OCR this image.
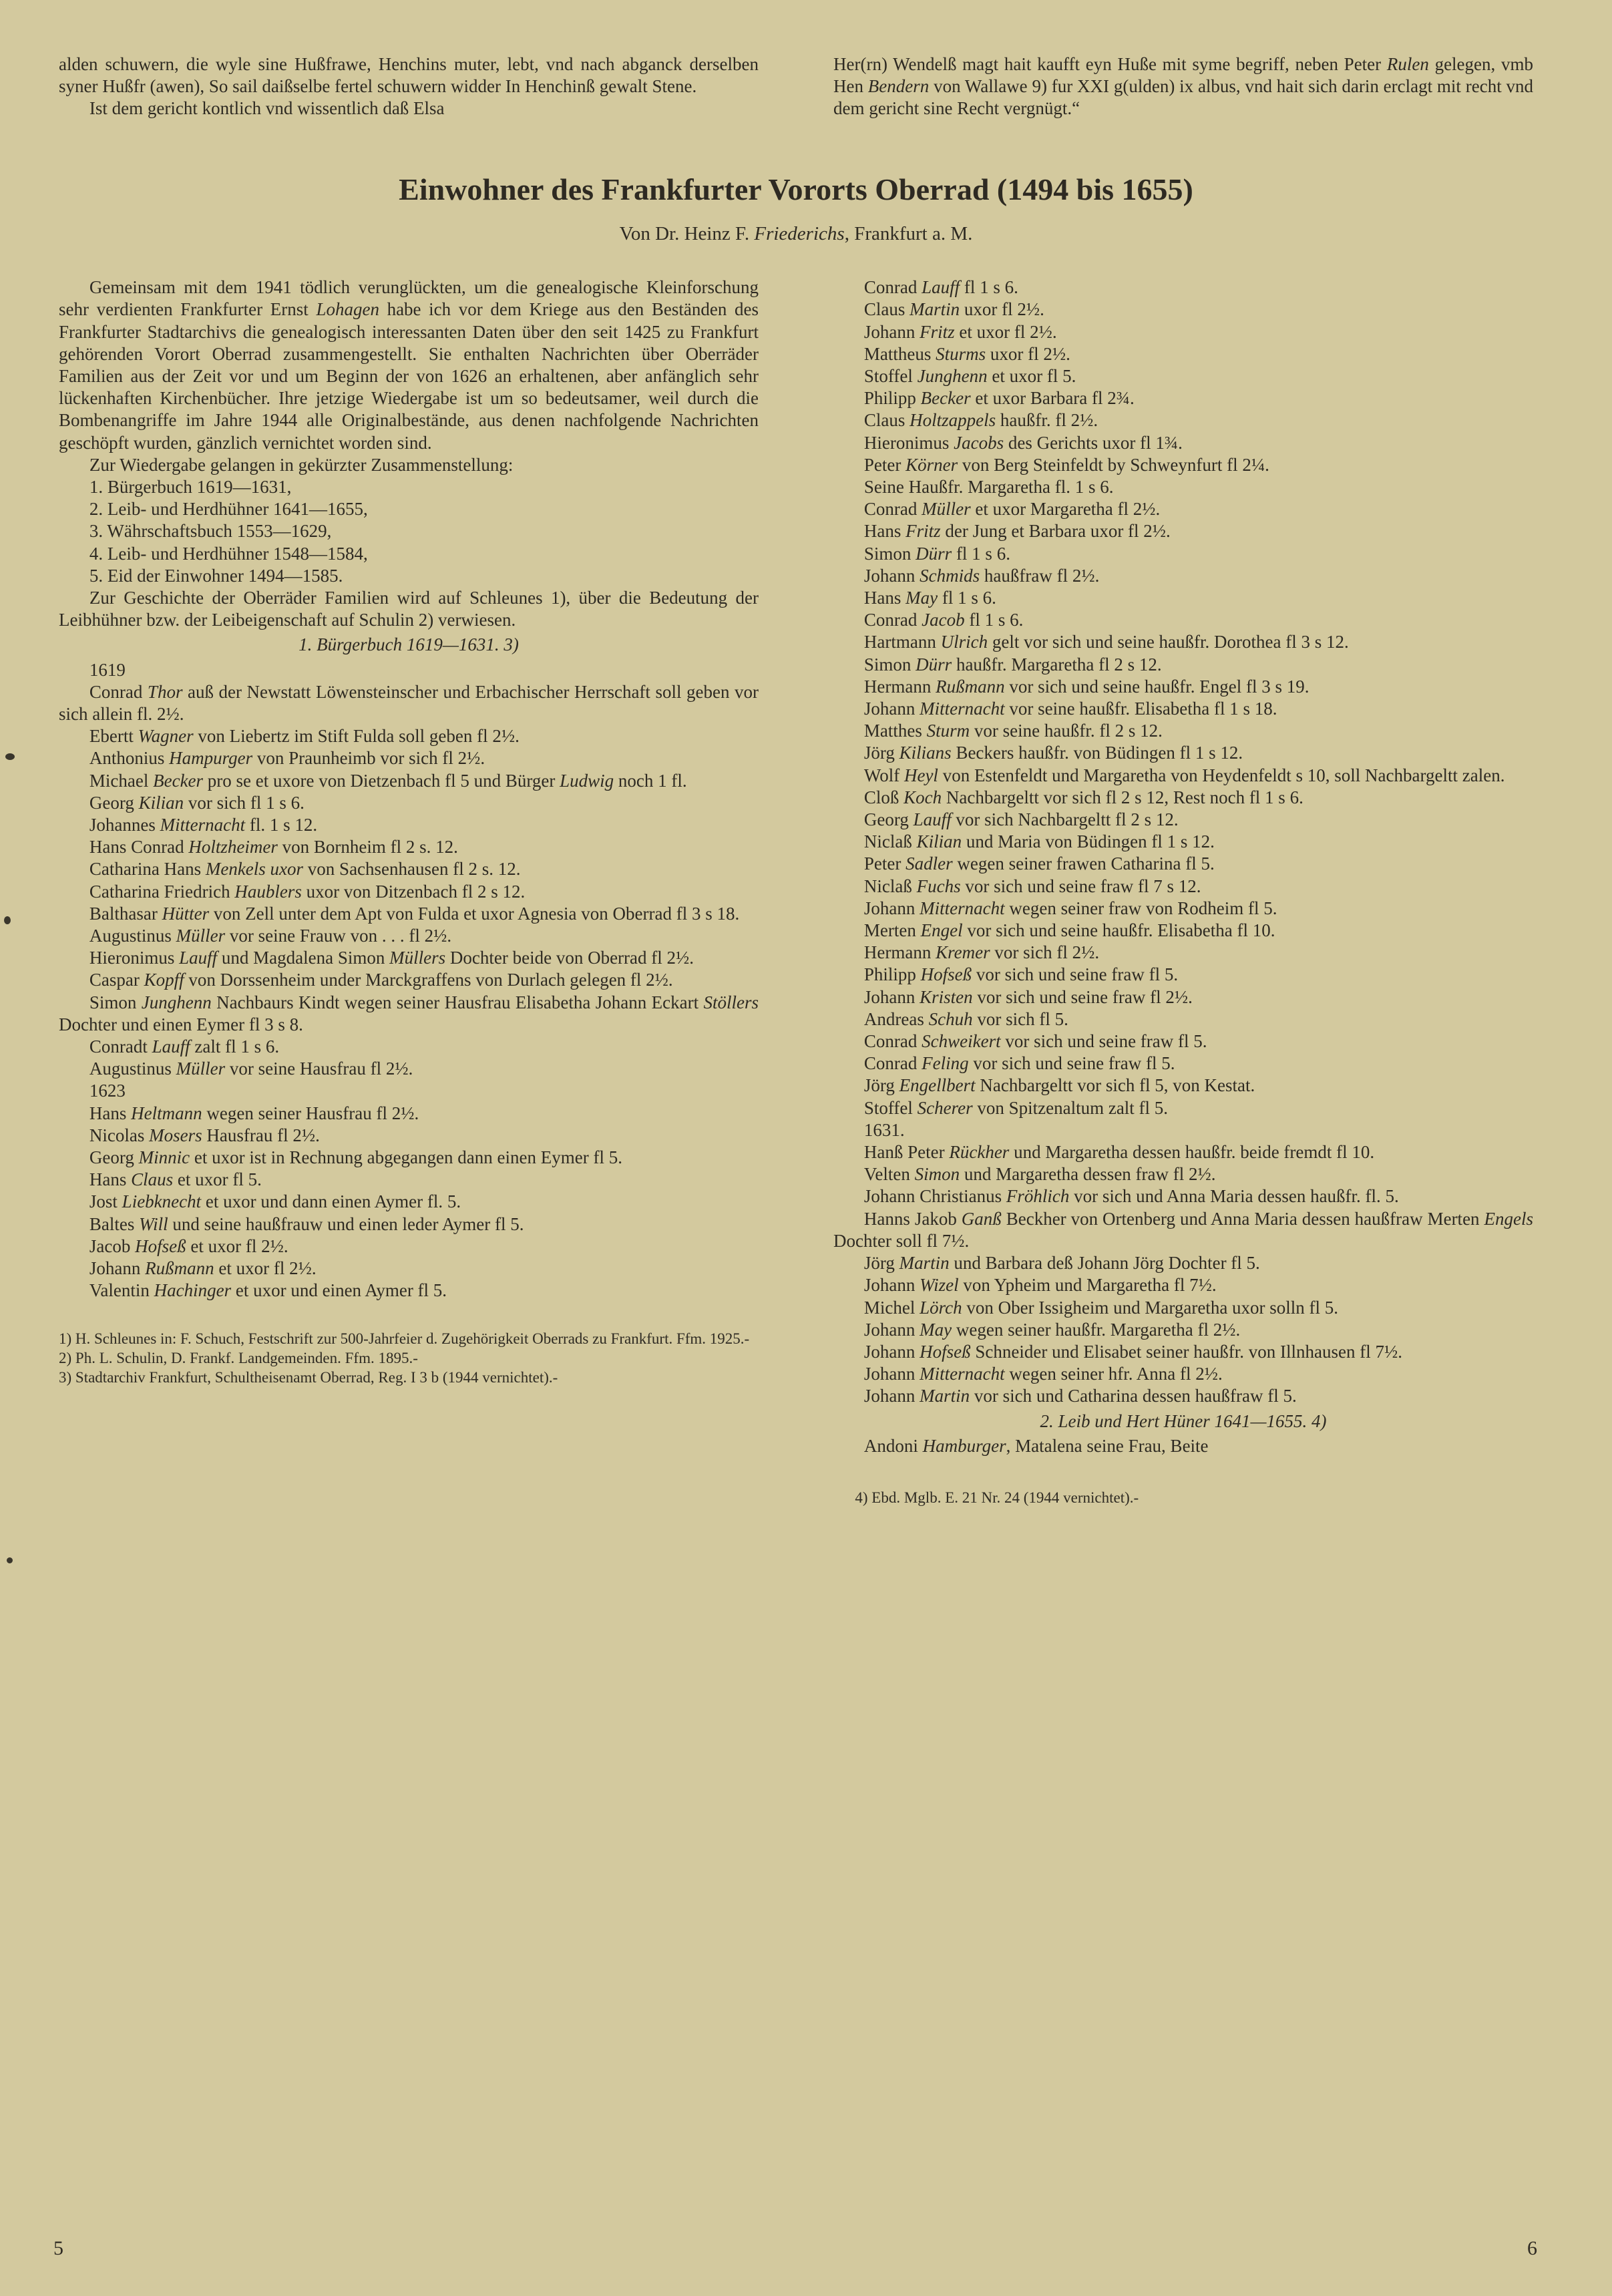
alden schuwern, die wyle sine Hußfrawe, Henchins muter, lebt, vnd nach abganck derselben syner Hußfr (awen), So sail daißselbe fertel schuwern widder In Henchinß gewalt Stene.

Ist dem gericht kontlich vnd wissentlich daß Elsa

Her(rn) Wendelß magt hait kaufft eyn Huße mit syme begriff, neben Peter Rulen gelegen, vmb Hen Bendern von Wallawe 9) fur XXI g(ulden) ix albus, vnd hait sich darin erclagt mit recht vnd dem gericht sine Recht vergnügt.“

Einwohner des Frankfurter Vororts Oberrad (1494 bis 1655)
Von Dr. Heinz F. Friederichs, Frankfurt a. M.

Gemeinsam mit dem 1941 tödlich verunglückten, um die genealogische Kleinforschung sehr verdienten Frankfurter Ernst Lohagen habe ich vor dem Kriege aus den Beständen des Frankfurter Stadtarchivs die genealogisch interessanten Daten über den seit 1425 zu Frankfurt gehörenden Vorort Oberrad zusammengestellt. Sie enthalten Nachrichten über Oberräder Familien aus der Zeit vor und um Beginn der von 1626 an erhaltenen, aber anfänglich sehr lückenhaften Kirchenbücher. Ihre jetzige Wiedergabe ist um so bedeutsamer, weil durch die Bombenangriffe im Jahre 1944 alle Originalbestände, aus denen nachfolgende Nachrichten geschöpft wurden, gänzlich vernichtet worden sind.

Zur Wiedergabe gelangen in gekürzter Zusammenstellung:

1. Bürgerbuch 1619—1631,

2. Leib- und Herdhühner 1641—1655,

3. Währschaftsbuch 1553—1629,

4. Leib- und Herdhühner 1548—1584,

5. Eid der Einwohner 1494—1585.

Zur Geschichte der Oberräder Familien wird auf Schleunes 1), über die Bedeutung der Leibhühner bzw. der Leibeigenschaft auf Schulin 2) verwiesen.

1. Bürgerbuch 1619—1631. 3)

1619

Conrad Thor auß der Newstatt Löwensteinscher und Erbachischer Herrschaft soll geben vor sich allein fl. 2½.

Ebertt Wagner von Liebertz im Stift Fulda soll geben fl 2½.

Anthonius Hampurger von Praunheimb vor sich fl 2½.

Michael Becker pro se et uxore von Dietzenbach fl 5 und Bürger Ludwig noch 1 fl.

Georg Kilian vor sich fl 1 s 6.

Johannes Mitternacht fl. 1 s 12.

Hans Conrad Holtzheimer von Bornheim fl 2 s. 12.

Catharina Hans Menkels uxor von Sachsenhausen fl 2 s. 12.

Catharina Friedrich Haublers uxor von Ditzenbach fl 2 s 12.

Balthasar Hütter von Zell unter dem Apt von Fulda et uxor Agnesia von Oberrad fl 3 s 18.

Augustinus Müller vor seine Frauw von . . . fl 2½.

Hieronimus Lauff und Magdalena Simon Müllers Dochter beide von Oberrad fl 2½.

Caspar Kopff von Dorssenheim under Marckgraffens von Durlach gelegen fl 2½.

Simon Junghenn Nachbaurs Kindt wegen seiner Hausfrau Elisabetha Johann Eckart Stöllers Dochter und einen Eymer fl 3 s 8.

Conradt Lauff zalt fl 1 s 6.

Augustinus Müller vor seine Hausfrau fl 2½.

1623

Hans Heltmann wegen seiner Hausfrau fl 2½.

Nicolas Mosers Hausfrau fl 2½.

Georg Minnic et uxor ist in Rechnung abgegangen dann einen Eymer fl 5.

Hans Claus et uxor fl 5.

Jost Liebknecht et uxor und dann einen Aymer fl. 5.

Baltes Will und seine haußfrauw und einen leder Aymer fl 5.

Jacob Hofseß et uxor fl 2½.

Johann Rußmann et uxor fl 2½.

Valentin Hachinger et uxor und einen Aymer fl 5.

1) H. Schleunes in: F. Schuch, Festschrift zur 500-Jahrfeier d. Zugehörigkeit Oberrads zu Frankfurt. Ffm. 1925.-

2) Ph. L. Schulin, D. Frankf. Landgemeinden. Ffm. 1895.-

3) Stadtarchiv Frankfurt, Schultheisenamt Oberrad, Reg. I 3 b (1944 vernichtet).-

Conrad Lauff fl 1 s 6.

Claus Martin uxor fl 2½.

Johann Fritz et uxor fl 2½.

Mattheus Sturms uxor fl 2½.

Stoffel Junghenn et uxor fl 5.

Philipp Becker et uxor Barbara fl 2¾.

Claus Holtzappels haußfr. fl 2½.

Hieronimus Jacobs des Gerichts uxor fl 1¾.

Peter Körner von Berg Steinfeldt by Schweynfurt fl 2¼.

Seine Haußfr. Margaretha fl. 1 s 6.

Conrad Müller et uxor Margaretha fl 2½.

Hans Fritz der Jung et Barbara uxor fl 2½.

Simon Dürr fl 1 s 6.

Johann Schmids haußfraw fl 2½.

Hans May fl 1 s 6.

Conrad Jacob fl 1 s 6.

Hartmann Ulrich gelt vor sich und seine haußfr. Dorothea fl 3 s 12.

Simon Dürr haußfr. Margaretha fl 2 s 12.

Hermann Rußmann vor sich und seine haußfr. Engel fl 3 s 19.

Johann Mitternacht vor seine haußfr. Elisabetha fl 1 s 18.

Matthes Sturm vor seine haußfr. fl 2 s 12.

Jörg Kilians Beckers haußfr. von Büdingen fl 1 s 12.

Wolf Heyl von Estenfeldt und Margaretha von Heydenfeldt s 10, soll Nachbargeltt zalen.

Cloß Koch Nachbargeltt vor sich fl 2 s 12, Rest noch fl 1 s 6.

Georg Lauff vor sich Nachbargeltt fl 2 s 12.

Niclaß Kilian und Maria von Büdingen fl 1 s 12.

Peter Sadler wegen seiner frawen Catharina fl 5.

Niclaß Fuchs vor sich und seine fraw fl 7 s 12.

Johann Mitternacht wegen seiner fraw von Rodheim fl 5.

Merten Engel vor sich und seine haußfr. Elisabetha fl 10.

Hermann Kremer vor sich fl 2½.

Philipp Hofseß vor sich und seine fraw fl 5.

Johann Kristen vor sich und seine fraw fl 2½.

Andreas Schuh vor sich fl 5.

Conrad Schweikert vor sich und seine fraw fl 5.

Conrad Feling vor sich und seine fraw fl 5.

Jörg Engellbert Nachbargeltt vor sich fl 5, von Kestat.

Stoffel Scherer von Spitzenaltum zalt fl 5.

1631.

Hanß Peter Rückher und Margaretha dessen haußfr. beide fremdt fl 10.

Velten Simon und Margaretha dessen fraw fl 2½.

Johann Christianus Fröhlich vor sich und Anna Maria dessen haußfr. fl. 5.

Hanns Jakob Ganß Beckher von Ortenberg und Anna Maria dessen haußfraw Merten Engels Dochter soll fl 7½.

Jörg Martin und Barbara deß Johann Jörg Dochter fl 5.

Johann Wizel von Ypheim und Margaretha fl 7½.

Michel Lörch von Ober Issigheim und Margaretha uxor solln fl 5.

Johann May wegen seiner haußfr. Margaretha fl 2½.

Johann Hofseß Schneider und Elisabet seiner haußfr. von Illnhausen fl 7½.

Johann Mitternacht wegen seiner hfr. Anna fl 2½.

Johann Martin vor sich und Catharina dessen haußfraw fl 5.

2. Leib und Hert Hüner 1641—1655. 4)

Andoni Hamburger, Matalena seine Frau, Beite

4) Ebd. Mglb. E. 21 Nr. 24 (1944 vernichtet).-

5	6
